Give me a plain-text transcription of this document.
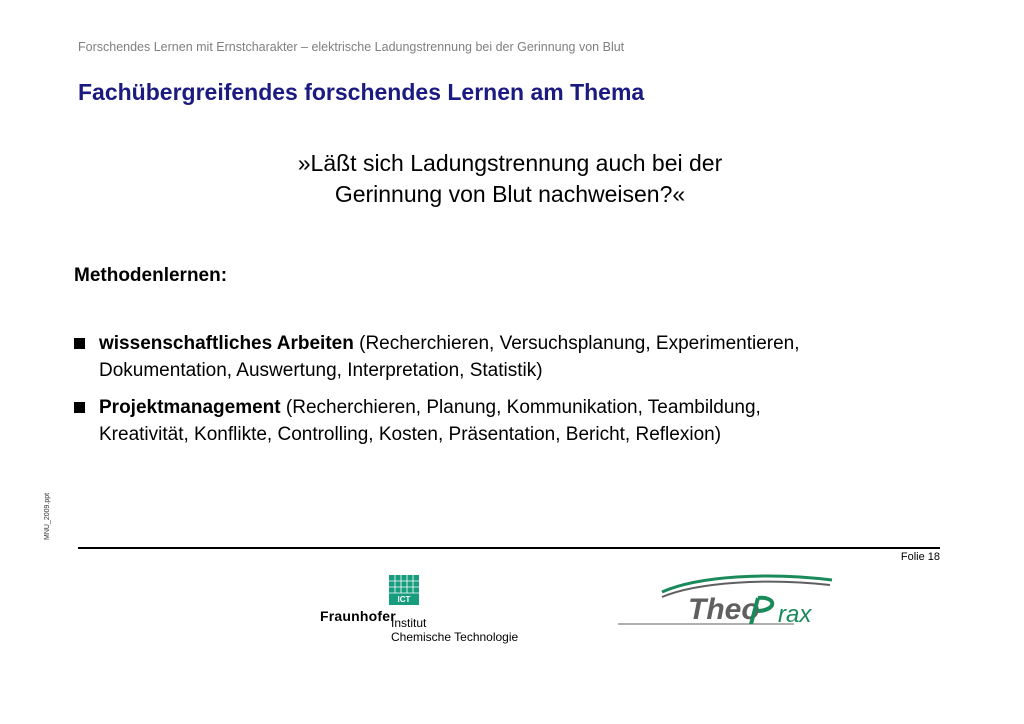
Forschendes Lernen mit Ernstcharakter – elektrische Ladungstrennung bei der Gerinnung von Blut
Fachübergreifendes forschendes Lernen am Thema
»Läßt sich Ladungstrennung auch bei der
Gerinnung von Blut nachweisen?«
Methodenlernen:
wissenschaftliches Arbeiten (Recherchieren, Versuchsplanung, Experimentieren, Dokumentation, Auswertung, Interpretation, Statistik)
Projektmanagement (Recherchieren, Planung, Kommunikation, Teambildung, Kreativität, Konflikte, Controlling, Kosten, Präsentation, Bericht, Reflexion)
MNU_2009.ppt
Folie 18
ICT
Fraunhofer
Institut
Chemische Technologie
Theo rax
